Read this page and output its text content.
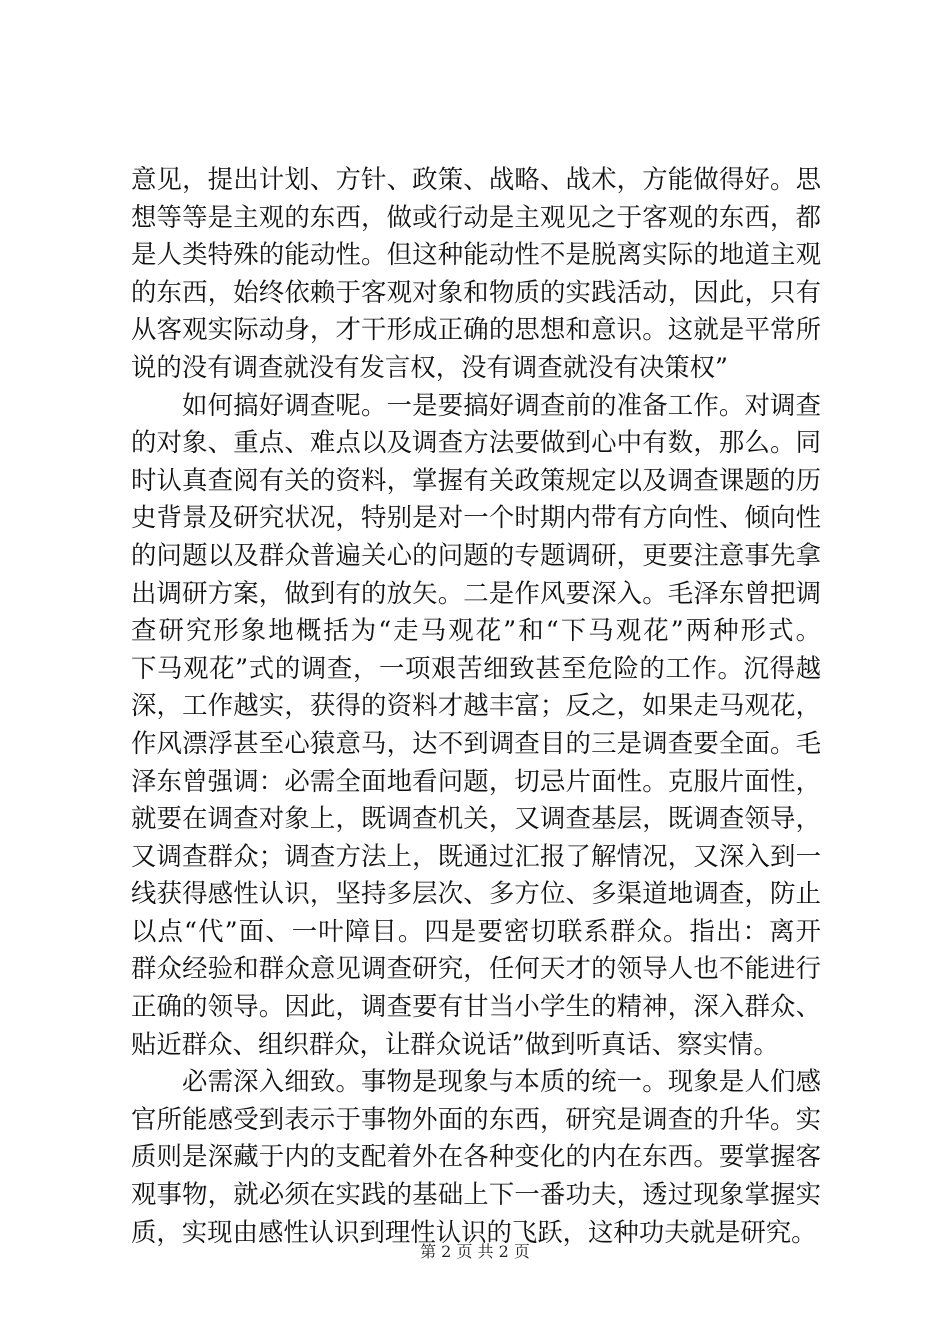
意见，提出计划、方针、政策、战略、战术，方能做得好。思
想等等是主观的东西，做或行动是主观见之于客观的东西，都
是人类特殊的能动性。但这种能动性不是脱离实际的地道主观
的东西，始终依赖于客观对象和物质的实践活动，因此，只有
从客观实际动身，才干形成正确的思想和意识。这就是平常所
说的没有调查就没有发言权，没有调查就没有决策权”
如何搞好调查呢。一是要搞好调查前的准备工作。对调查
的对象、重点、难点以及调查方法要做到心中有数，那么。同
时认真查阅有关的资料，掌握有关政策规定以及调查课题的历
史背景及研究状况，特别是对一个时期内带有方向性、倾向性
的问题以及群众普遍关心的问题的专题调研，更要注意事先拿
出调研方案，做到有的放矢。二是作风要深入。毛泽东曾把调
查研究形象地概括为“走马观花”和“下马观花”两种形式。
下马观花”式的调查，一项艰苦细致甚至危险的工作。沉得越
深，工作越实，获得的资料才越丰富；反之，如果走马观花，
作风漂浮甚至心猿意马，达不到调查目的三是调查要全面。毛
泽东曾强调：必需全面地看问题，切忌片面性。克服片面性，
就要在调查对象上，既调查机关，又调查基层，既调查领导，
又调查群众；调查方法上，既通过汇报了解情况，又深入到一
线获得感性认识，坚持多层次、多方位、多渠道地调查，防止
以点“代”面、一叶障目。四是要密切联系群众。指出：离开
群众经验和群众意见调查研究，任何天才的领导人也不能进行
正确的领导。因此，调查要有甘当小学生的精神，深入群众、
贴近群众、组织群众，让群众说话”做到听真话、察实情。
必需深入细致。事物是现象与本质的统一。现象是人们感
官所能感受到表示于事物外面的东西，研究是调查的升华。实
质则是深藏于内的支配着外在各种变化的内在东西。要掌握客
观事物，就必须在实践的基础上下一番功夫，透过现象掌握实
质，实现由感性认识到理性认识的飞跃，这种功夫就是研究。
第 2 页 共 2 页
